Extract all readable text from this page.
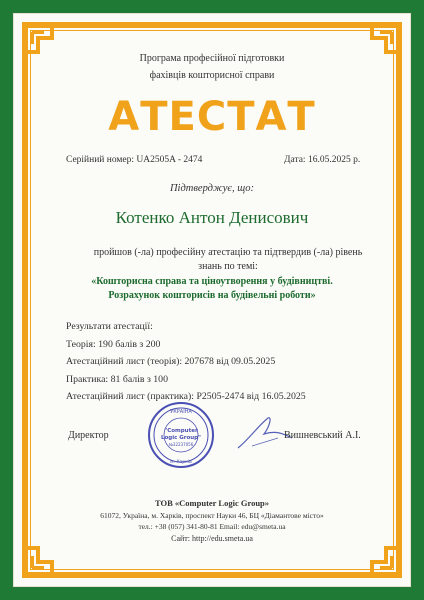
Програма професійної підготовки
фахівців кошторисної справи
АТЕСТАТ
Серійний номер: UA2505A - 2474	Дата: 16.05.2025 р.
Підтверджує, що:
Котенко Антон Денисович
пройшов (-ла) професійну атестацію та підтвердив (-ла) рівень
знань по темі:
«Кошторисна справа та ціноутворення у будівництві.
Розрахунок кошторисів на будівельні роботи»
Результати атестації:
Теорія: 190 балів з 200
Атестаційний лист (теорія): 207678 від 09.05.2025
Практика: 81 балів з 100
Атестаційний лист (практика): Р2505-2474 від 16.05.2025
УКРАЇНА
"Computer
Logic Group"
№32237056
м. Харків
Директор	Вишневський А.І.
ТОВ «Computer Logic Group»
61072, Україна, м. Харків, проспект Науки 46, БЦ «Діамантове місто»
тел.: +38 (057) 341-80-81 Email: edu@smeta.ua
Сайт: http://edu.smeta.ua
